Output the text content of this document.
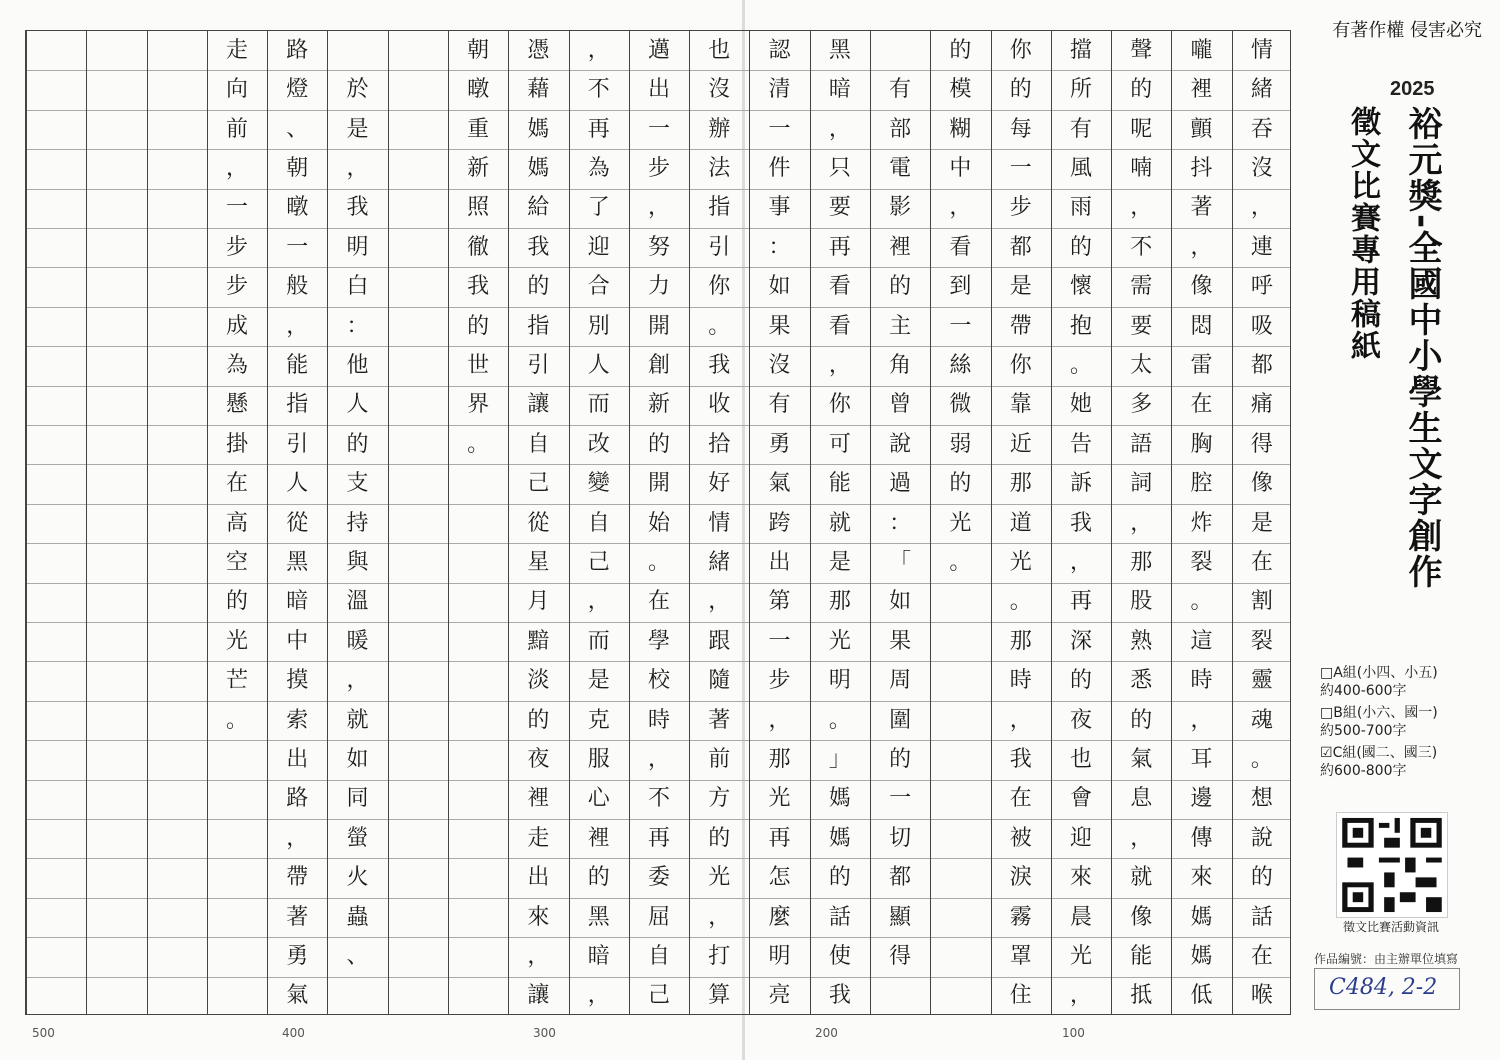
有著作權 侵害必究
情
緒
吞
沒
，
連
呼
吸
都
痛
得
像
是
在
割
裂
靈
魂
。
想
說
的
話
在
喉
嚨
裡
顫
抖
著
，
像
悶
雷
在
胸
腔
炸
裂
。
這
時
，
耳
邊
傳
來
媽
媽
低
聲
的
呢
喃
，
不
需
要
太
多
語
詞
，
那
股
熟
悉
的
氣
息
，
就
像
能
抵
擋
所
有
風
雨
的
懷
抱
。
她
告
訴
我
，
再
深
的
夜
也
會
迎
來
晨
光
，
你
的
每
一
步
都
是
帶
你
靠
近
那
道
光
。
那
時
，
我
在
被
淚
霧
罩
住
的
模
糊
中
，
看
到
一
絲
微
弱
的
光
。

有
部
電
影
裡
的
主
角
曾
說
過
：
「
如
果
周
圍
的
一
切
都
顯
得
黑
暗
，
只
要
再
看
看
，
你
可
能
就
是
那
光
明
。
」
媽
媽
的
話
使
我
認
清
一
件
事
：
如
果
沒
有
勇
氣
跨
出
第
一
步
，
那
光
再
怎
麼
明
亮
也
沒
辦
法
指
引
你
。
我
收
拾
好
情
緒
，
跟
隨
著
前
方
的
光
，
打
算
邁
出
一
步
，
努
力
開
創
新
的
開
始
。
在
學
校
時
，
不
再
委
屈
自
己
，
不
再
為
了
迎
合
別
人
而
改
變
自
己
，
而
是
克
服
心
裡
的
黑
暗
，
憑
藉
媽
媽
給
我
的
指
引
讓
自
己
從
星
月
黯
淡
的
夜
裡
走
出
來
，
讓
朝
暾
重
新
照
徹
我
的
世
界
。

於
是
，
我
明
白
：
他
人
的
支
持
與
溫
暖
，
就
如
同
螢
火
蟲
、
路
燈
、
朝
暾
一
般
，
能
指
引
人
從
黑
暗
中
摸
索
出
路
，
帶
著
勇
氣
走
向
前
，
一
步
步
成
為
懸
掛
在
高
空
的
光
芒
。
2025
裕元獎-全國中小學生文字創作
徵文比賽專用稿紙
□A組(小四、小五)
約400-600字
□B組(小六、國一)
約500-700字
☑C組(國二、國三)
約600-800字
徵文比賽活動資訊
作品編號：由主辦單位填寫
C484, 2-2
500	400	300	200	100
